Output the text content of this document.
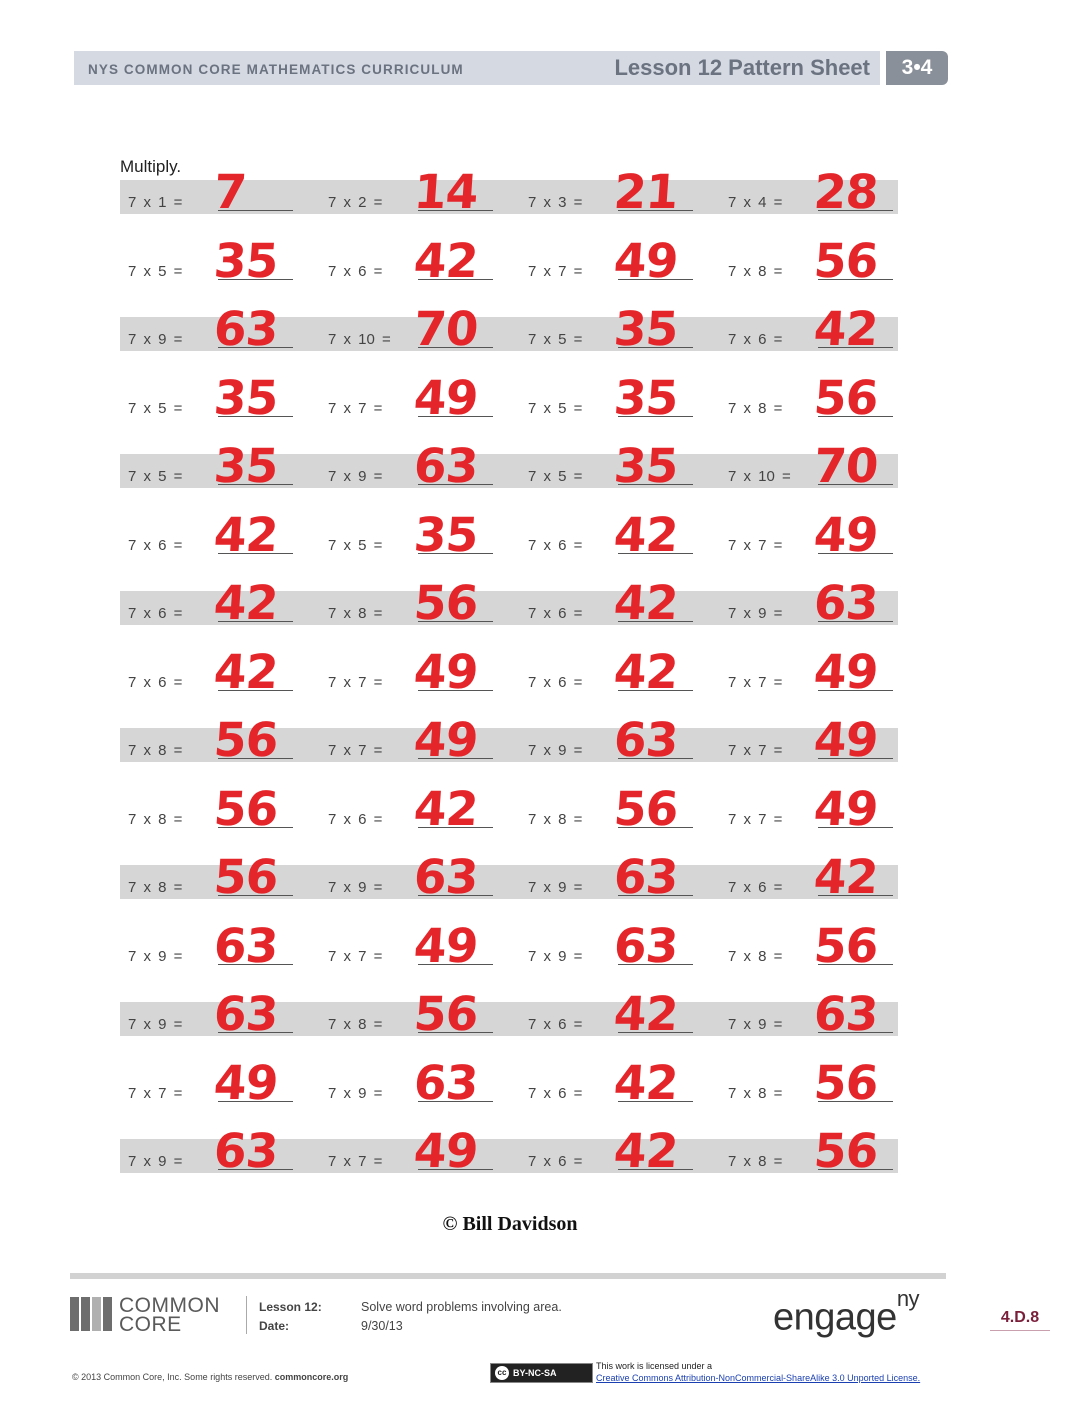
NYS COMMON CORE MATHEMATICS CURRICULUM	Lesson 12 Pattern Sheet	3•4
Multiply.
7 x 1 = 7	7 x 2 = 14	7 x 3 = 21	7 x 4 = 28
7 x 5 = 35	7 x 6 = 42	7 x 7 = 49	7 x 8 = 56
7 x 9 = 63	7 x 10 = 70	7 x 5 = 35	7 x 6 = 42
7 x 5 = 35	7 x 7 = 49	7 x 5 = 35	7 x 8 = 56
7 x 5 = 35	7 x 9 = 63	7 x 5 = 35	7 x 10 = 70
7 x 6 = 42	7 x 5 = 35	7 x 6 = 42	7 x 7 = 49
7 x 6 = 42	7 x 8 = 56	7 x 6 = 42	7 x 9 = 63
7 x 6 = 42	7 x 7 = 49	7 x 6 = 42	7 x 7 = 49
7 x 8 = 56	7 x 7 = 49	7 x 9 = 63	7 x 7 = 49
7 x 8 = 56	7 x 6 = 42	7 x 8 = 56	7 x 7 = 49
7 x 8 = 56	7 x 9 = 63	7 x 9 = 63	7 x 6 = 42
7 x 9 = 63	7 x 7 = 49	7 x 9 = 63	7 x 8 = 56
7 x 9 = 63	7 x 8 = 56	7 x 6 = 42	7 x 9 = 63
7 x 7 = 49	7 x 9 = 63	7 x 6 = 42	7 x 8 = 56
7 x 9 = 63	7 x 7 = 49	7 x 6 = 42	7 x 8 = 56
© Bill Davidson
COMMON
CORE
Lesson 12:
Date:
Solve word problems involving area.
9/30/13	engage$^{ny}$
4.D.8
© 2013 Common Core, Inc. Some rights reserved. commoncore.org	cc BY-NC-SA
This work is licensed under a
Creative Commons Attribution-NonCommercial-ShareAlike 3.0 Unported License.
